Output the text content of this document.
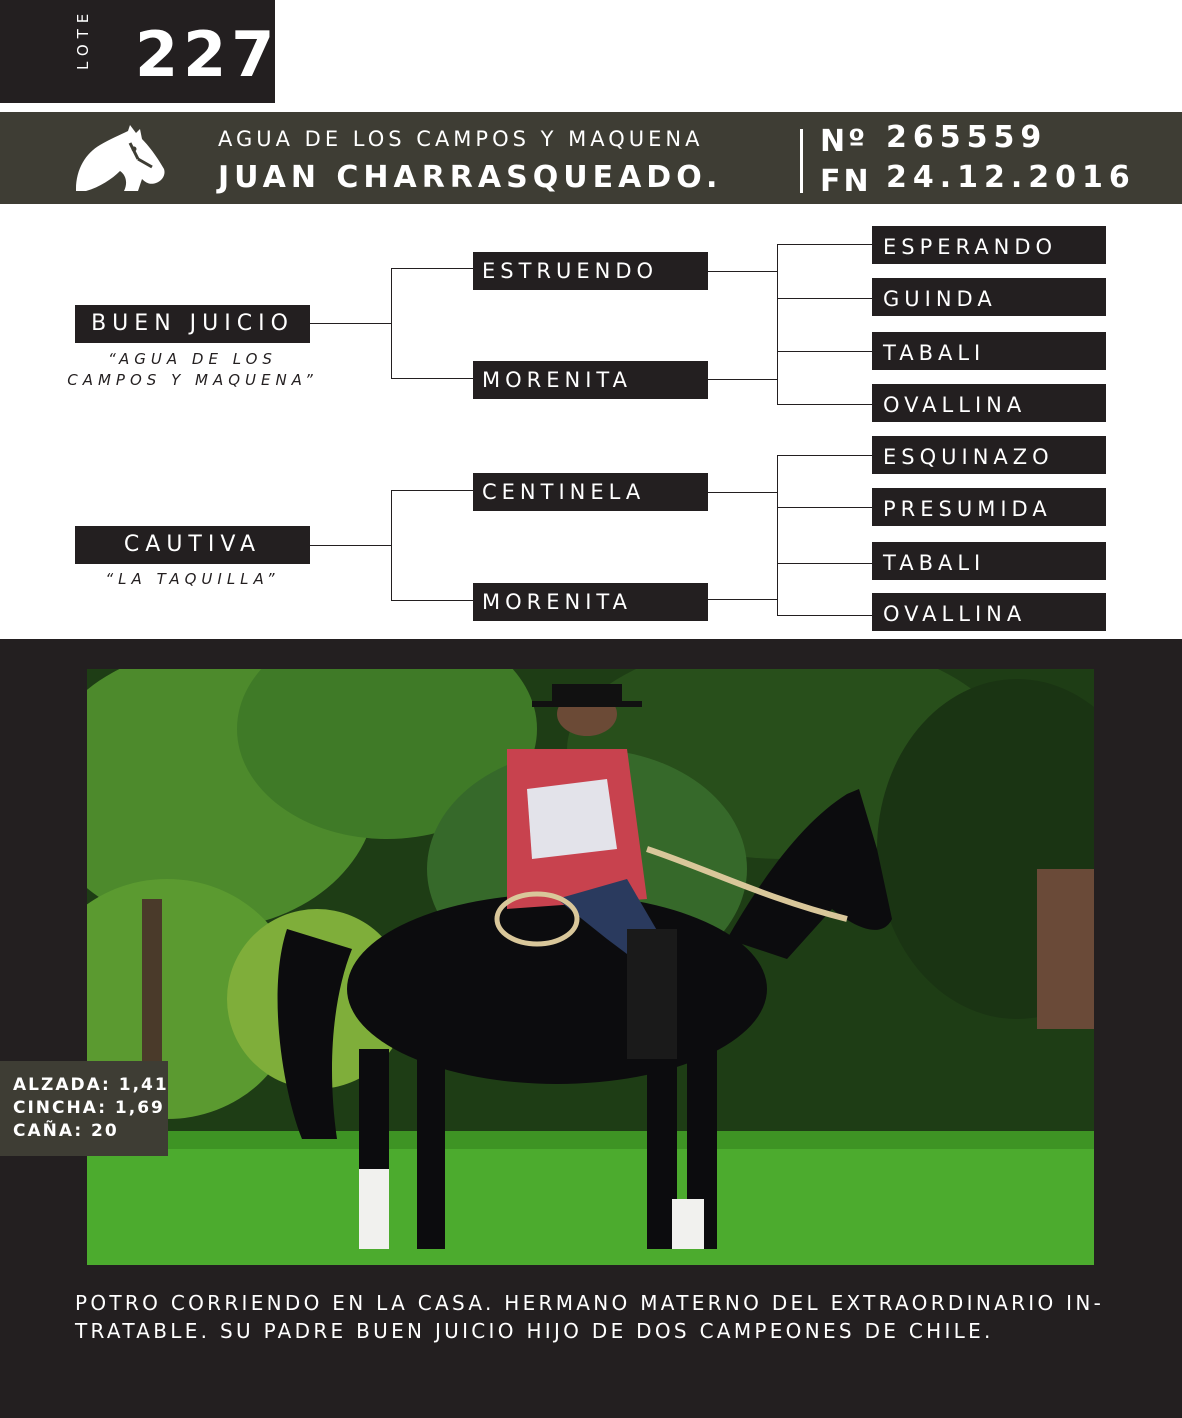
LOTE 227
AGUA DE LOS CAMPOS Y MAQUENA
JUAN CHARRASQUEADO.
Nº 265559
FN 24.12.2016
BUEN JUICIO
“AGUA DE LOS
CAMPOS Y MAQUENA”
CAUTIVA
“LA TAQUILLA”
ESTRUENDO
MORENITA
CENTINELA
MORENITA
ESPERANDO
GUINDA
TABALI
OVALLINA
ESQUINAZO
PRESUMIDA
TABALI
OVALLINA
ALZADA: 1,41
CINCHA: 1,69
CAÑA: 20
POTRO CORRIENDO EN LA CASA. HERMANO MATERNO DEL EXTRAORDINARIO IN-
TRATABLE. SU PADRE BUEN JUICIO HIJO DE DOS CAMPEONES DE CHILE.
